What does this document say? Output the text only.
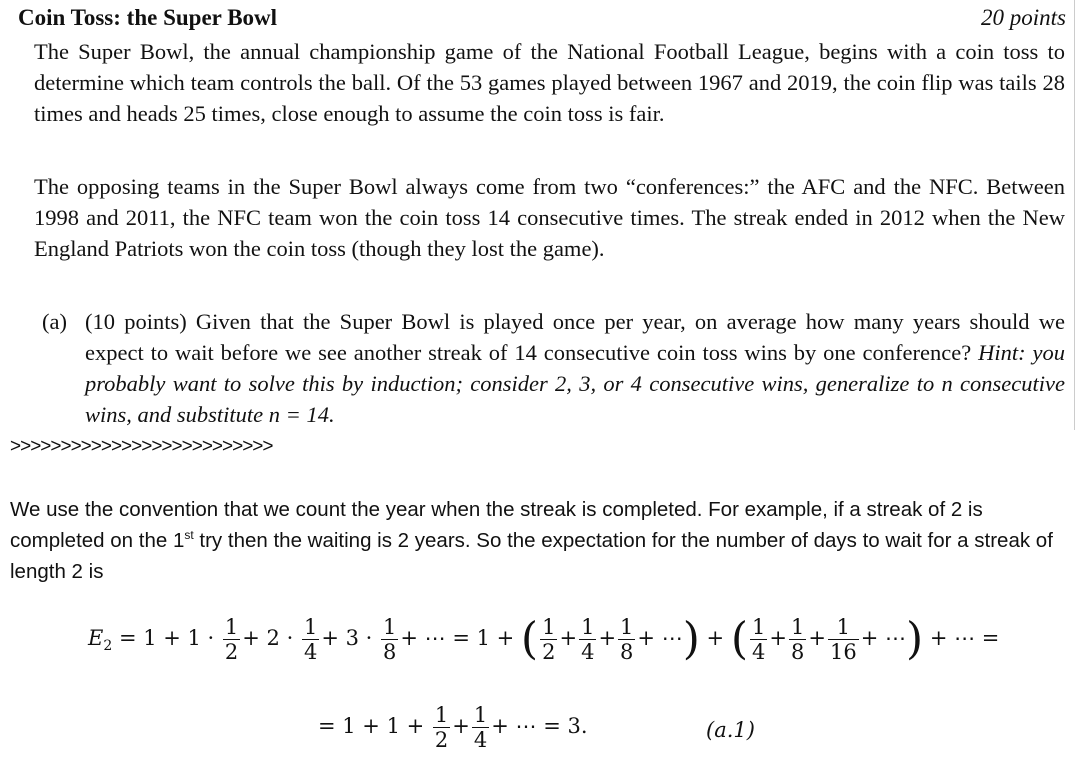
Coin Toss: the Super Bowl	20 points
The Super Bowl, the annual championship game of the National Football League, begins with a coin toss to determine which team controls the ball. Of the 53 games played between 1967 and 2019, the coin flip was tails 28 times and heads 25 times, close enough to assume the coin toss is fair.
The opposing teams in the Super Bowl always come from two “conferences:” the AFC and the NFC. Between 1998 and 2011, the NFC team won the coin toss 14 consecutive times. The streak ended in 2012 when the New England Patriots won the coin toss (though they lost the game).
(a) (10 points) Given that the Super Bowl is played once per year, on average how many years should we expect to wait before we see another streak of 14 consecutive coin toss wins by one conference? Hint: you probably want to solve this by induction; consider 2, 3, or 4 consecutive wins, generalize to n consecutive wins, and substitute n = 14.
>>>>>>>>>>>>>>>>>>>>>>>>>>
We use the convention that we count the year when the streak is completed. For example, if a streak of 2 is completed on the 1st try then the waiting is 2 years. So the expectation for the number of days to wait for a streak of length 2 is
$E_2 = 1 + 1 \cdot \frac{1}{2} + 2 \cdot \frac{1}{4} + 3 \cdot \frac{1}{8}$ + ⋯ = 1 + ( $\frac{1}{2} + \frac{1}{4} + \frac{1}{8}$ + ⋯) + ( $\frac{1}{4} + \frac{1}{8} + \frac{1}{16}$ + ⋯) + ⋯ =
= $1 + 1 + \frac{1}{2} + \frac{1}{4}$ + ⋯ = 3.	(a.1)
